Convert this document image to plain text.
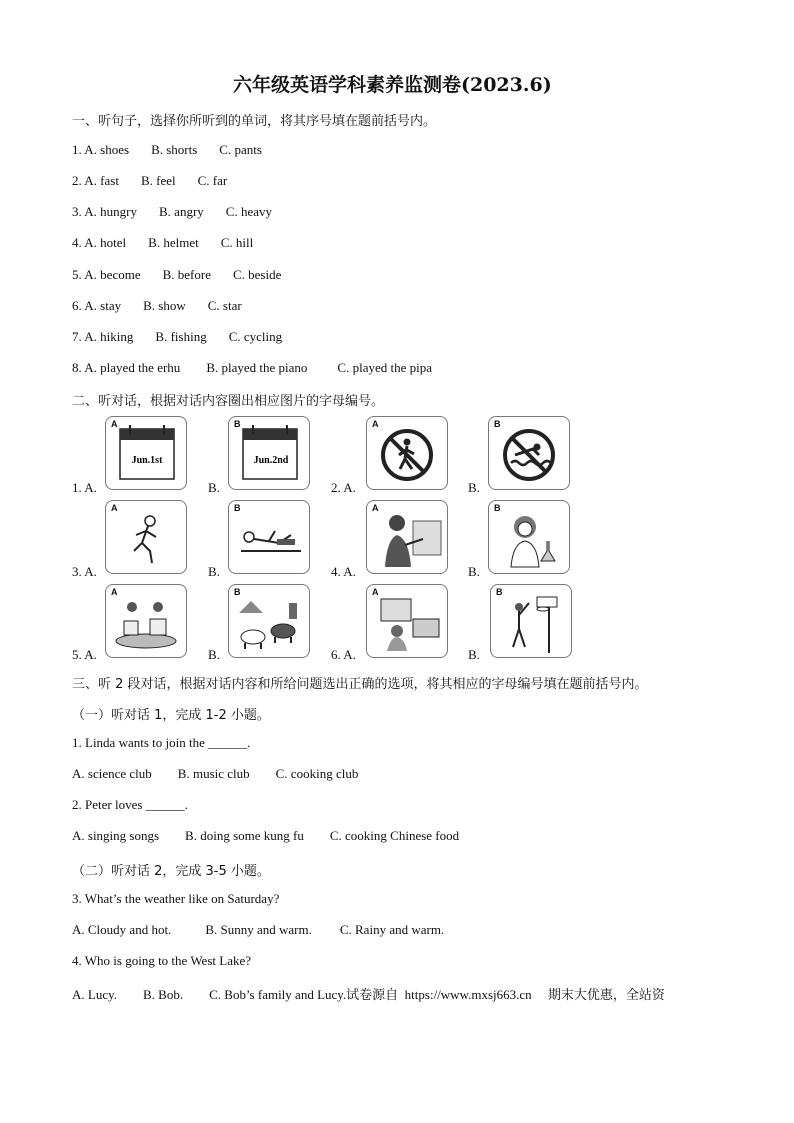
六年级英语学科素养监测卷(2023.6)
一、听句子，选择你所听到的单词，将其序号填在题前括号内。
1. A. shoes B. shorts C. pants
2. A. fast B. feel C. far
3. A. hungry B. angry C. heavy
4. A. hotel B. helmet C. hill
5. A. become B. before C. beside
6. A. stay B. show C. star
7. A. hiking B. fishing C. cycling
8. A. played the erhu B. played the piano C. played the pipa
二、听对话，根据对话内容圈出相应图片的字母编号。
1. A.	B.	2. A.	B.
3. A.	B.	4. A.	B.
5. A.	B.	6. A.	B.
A
Jun.1st
B
Jun.2nd
A	B
A	B	A	B
A	B	A	B
三、听 2 段对话，根据对话内容和所给问题选出正确的选项，将其相应的字母编号填在题前括号内。
（一）听对话 1，完成 1-2 小题。
1. Linda wants to join the ______.
A. science club B. music club C. cooking club
2. Peter loves ______.
A. singing songs B. doing some kung fu C. cooking Chinese food
（二）听对话 2，完成 3-5 小题。
3. What’s the weather like on Saturday?
A. Cloudy and hot.	B. Sunny and warm. C. Rainy and warm.
4. Who is going to the West Lake?
A. Lucy.        B. Bob.        C. Bob’s family and Lucy.试卷源自  https://www.mxsj663.cn     期末大优惠，全站资
